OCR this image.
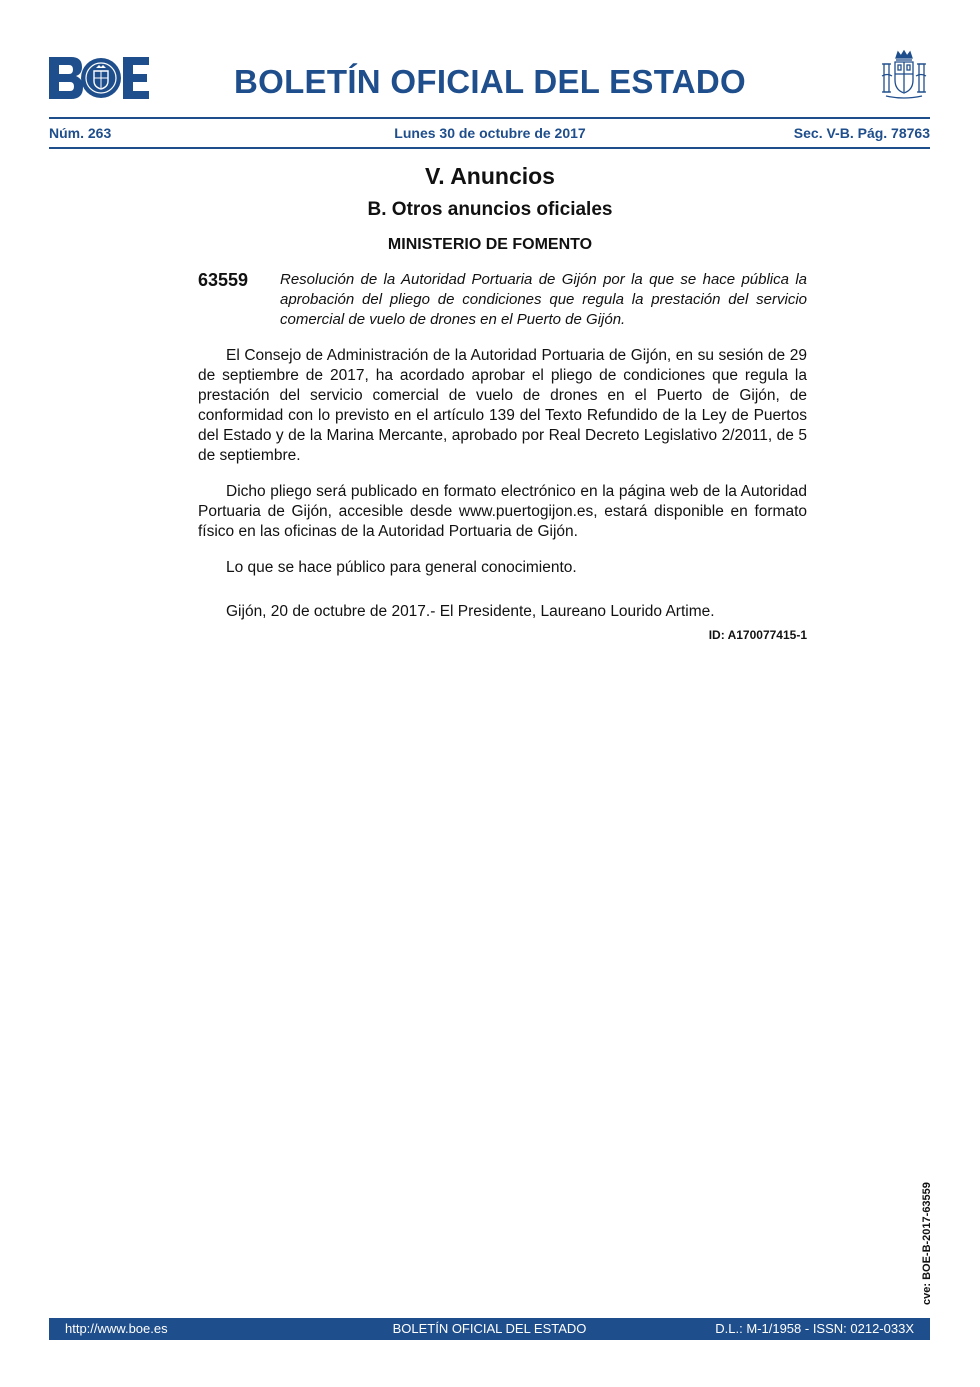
BOLETÍN OFICIAL DEL ESTADO
Núm. 263	Lunes 30 de octubre de 2017	Sec. V-B. Pág. 78763
V. Anuncios
B. Otros anuncios oficiales
MINISTERIO DE FOMENTO
63559 Resolución de la Autoridad Portuaria de Gijón por la que se hace pública la aprobación del pliego de condiciones que regula la prestación del servicio comercial de vuelo de drones en el Puerto de Gijón.

El Consejo de Administración de la Autoridad Portuaria de Gijón, en su sesión de 29 de septiembre de 2017, ha acordado aprobar el pliego de condiciones que regula la prestación del servicio comercial de vuelo de drones en el Puerto de Gijón, de conformidad con lo previsto en el artículo 139 del Texto Refundido de la Ley de Puertos del Estado y de la Marina Mercante, aprobado por Real Decreto Legislativo 2/2011, de 5 de septiembre.

Dicho pliego será publicado en formato electrónico en la página web de la Autoridad Portuaria de Gijón, accesible desde www.puertogijon.es, estará disponible en formato físico en las oficinas de la Autoridad Portuaria de Gijón.

Lo que se hace público para general conocimiento.

Gijón, 20 de octubre de 2017.- El Presidente, Laureano Lourido Artime.

ID: A170077415-1
cve: BOE-B-2017-63559
BOLETÍN OFICIAL DEL ESTADO
http://www.boe.es	D.L.: M-1/1958 - ISSN: 0212-033X
